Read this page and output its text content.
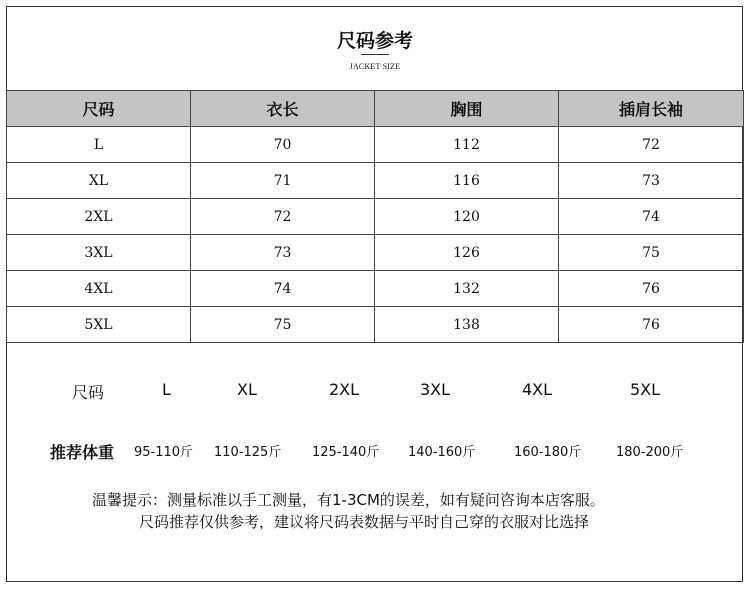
尺码参考
JACKET SIZE
尺码	衣长	胸围	插肩长袖
L	70	112	72
XL	71	116	73
2XL	72	120	74
3XL	73	126	75
4XL	74	132	76
5XL	75	138	76
尺码	L	XL	2XL	3XL	4XL	5XL
推荐体重 95-110斤 110-125斤 125-140斤 140-160斤	160-180斤	180-200斤
温馨提示：测量标准以手工测量，有1-3CM的误差，如有疑问咨询本店客服。
尺码推荐仅供参考，建议将尺码表数据与平时自己穿的衣服对比选择
